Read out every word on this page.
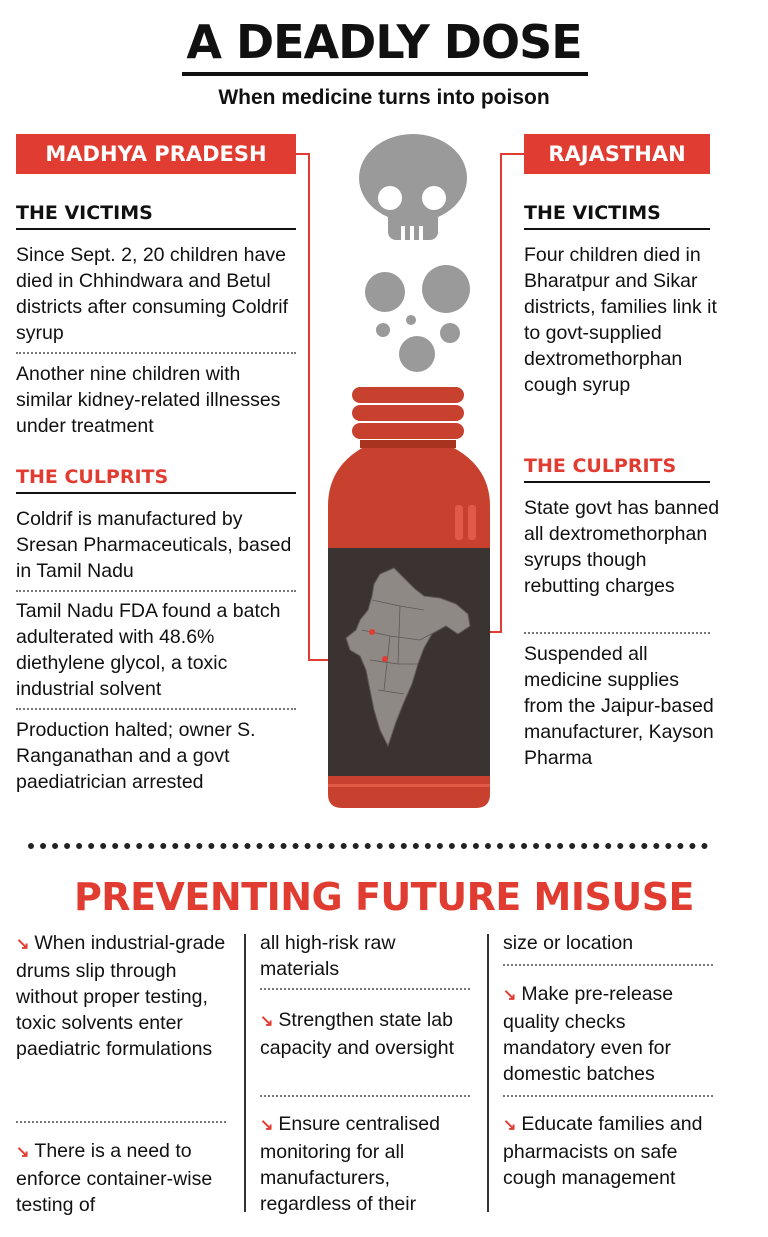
A DEADLY DOSE
When medicine turns into poison
MADHYA PRADESH	RAJASTHAN
THE VICTIMS
Since Sept. 2, 20 children have died in Chhindwara and Betul districts after consuming Coldrif syrup
Another nine children with similar kidney-related illnesses under treatment
THE CULPRITS
Coldrif is manufactured by Sresan Pharmaceuticals, based in Tamil Nadu
Tamil Nadu FDA found a batch adulterated with 48.6% diethylene glycol, a toxic industrial solvent
Production halted; owner S. Ranganathan and a govt paediatrician arrested
THE VICTIMS
Four children died in Bharatpur and Sikar districts, families link it to govt-supplied dextromethorphan cough syrup
THE CULPRITS
State govt has banned all dextromethorphan syrups though rebutting charges
Suspended all medicine supplies from the Jaipur-based manufacturer, Kayson Pharma
PREVENTING FUTURE MISUSE
↘ When industrial-grade drums slip through without proper testing, toxic solvents enter paediatric formulations
↘ There is a need to enforce container-wise testing of
all high-risk raw materials
↘ Strengthen state lab capacity and oversight
↘ Ensure centralised monitoring for all manufacturers, regardless of their
size or location
↘ Make pre-release quality checks mandatory even for domestic batches
↘ Educate families and pharmacists on safe cough management
